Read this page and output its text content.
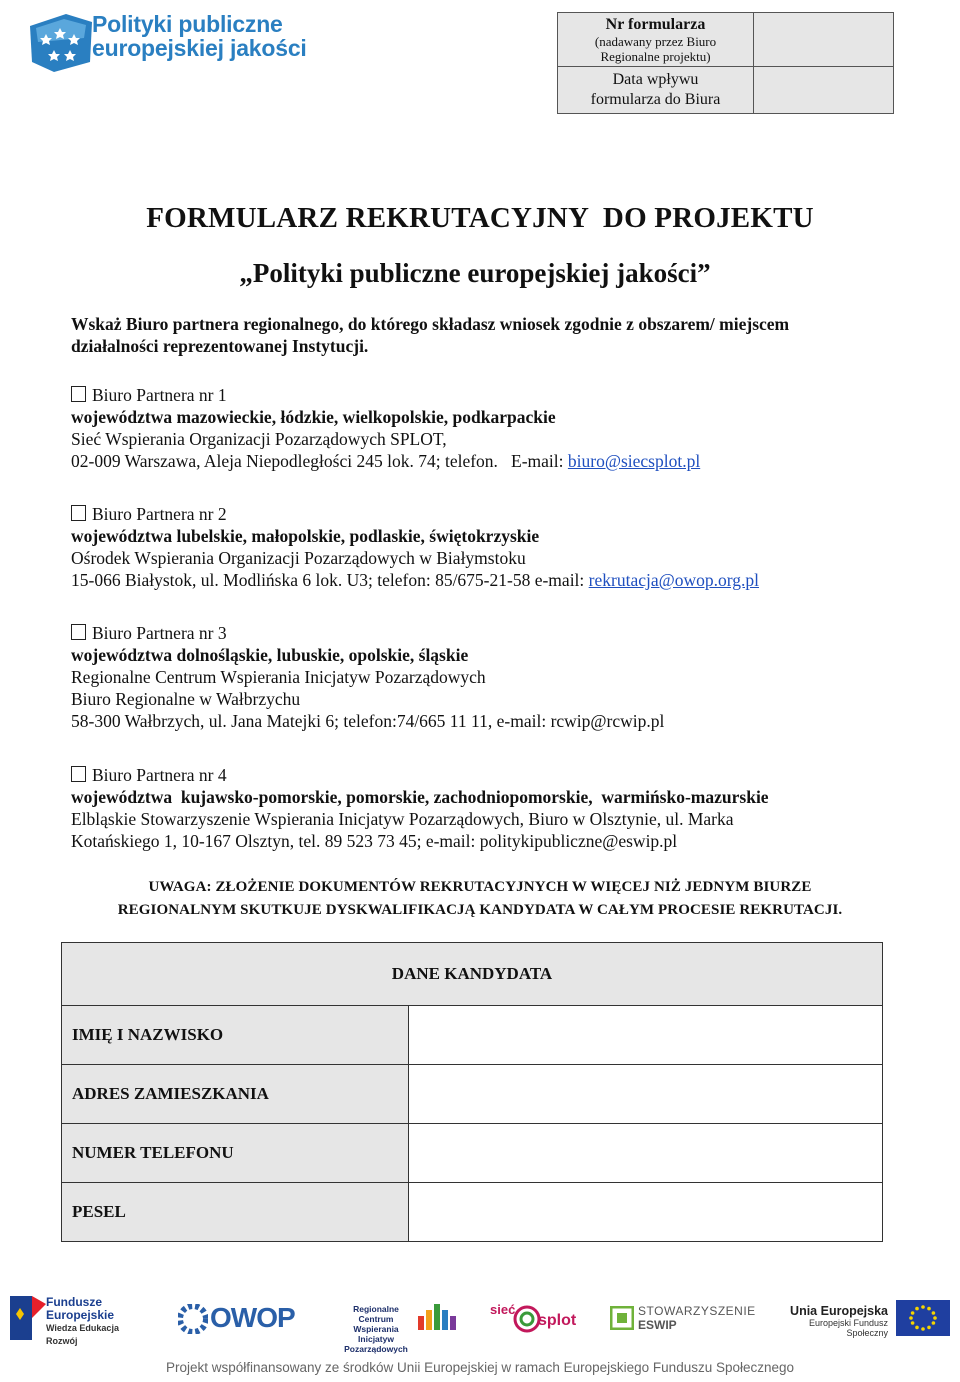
Polityki publiczne
europejskiej jakości
Nr formularza
(nadawany przez Biuro
Regionalne projektu)
Data wpływu
formularza do Biura
FORMULARZ REKRUTACYJNY  DO PROJEKTU
„Polityki publiczne europejskiej jakości”
Wskaż Biuro partnera regionalnego, do którego składasz wniosek zgodnie z obszarem/ miejscem
działalności reprezentowanej Instytucji.
Biuro Partnera nr 1
województwa mazowieckie, łódzkie, wielkopolskie, podkarpackie
Sieć Wspierania Organizacji Pozarządowych SPLOT,
02-009 Warszawa, Aleja Niepodległości 245 lok. 74; telefon.   E-mail: biuro@siecsplot.pl
Biuro Partnera nr 2
województwa lubelskie, małopolskie, podlaskie, świętokrzyskie
Ośrodek Wspierania Organizacji Pozarządowych w Białymstoku
15-066 Białystok, ul. Modlińska 6 lok. U3; telefon: 85/675-21-58 e-mail: rekrutacja@owop.org.pl
Biuro Partnera nr 3
województwa dolnośląskie, lubuskie, opolskie, śląskie
Regionalne Centrum Wspierania Inicjatyw Pozarządowych
Biuro Regionalne w Wałbrzychu
58-300 Wałbrzych, ul. Jana Matejki 6; telefon:74/665 11 11, e-mail: rcwip@rcwip.pl
Biuro Partnera nr 4
województwa  kujawsko-pomorskie, pomorskie, zachodniopomorskie,  warmińsko-mazurskie
Elbląskie Stowarzyszenie Wspierania Inicjatyw Pozarządowych, Biuro w Olsztynie, ul. Marka
Kotańskiego 1, 10-167 Olsztyn, tel. 89 523 73 45; e-mail: politykipubliczne@eswip.pl
UWAGA: ZŁOŻENIE DOKUMENTÓW REKRUTACYJNYCH W WIĘCEJ NIŻ JEDNYM BIURZE
REGIONALNYM SKUTKUJE DYSKWALIFIKACJĄ KANDYDATA W CAŁYM PROCESIE REKRUTACJI.
DANE KANDYDATA	
IMIĘ I NAZWISKO	
ADRES ZAMIESZKANIA	
NUMER TELEFONU	
PESEL	
Fundusze
Europejskie
Wiedza Edukacja Rozwój
OWOP	Regionalne Centrum
Wspierania Inicjatyw
Pozarządowych
sieć
splot
STOWARZYSZENIE
ESWIP
Unia Europejska
Europejski Fundusz Społeczny
Projekt współfinansowany ze środków Unii Europejskiej w ramach Europejskiego Funduszu Społecznego
